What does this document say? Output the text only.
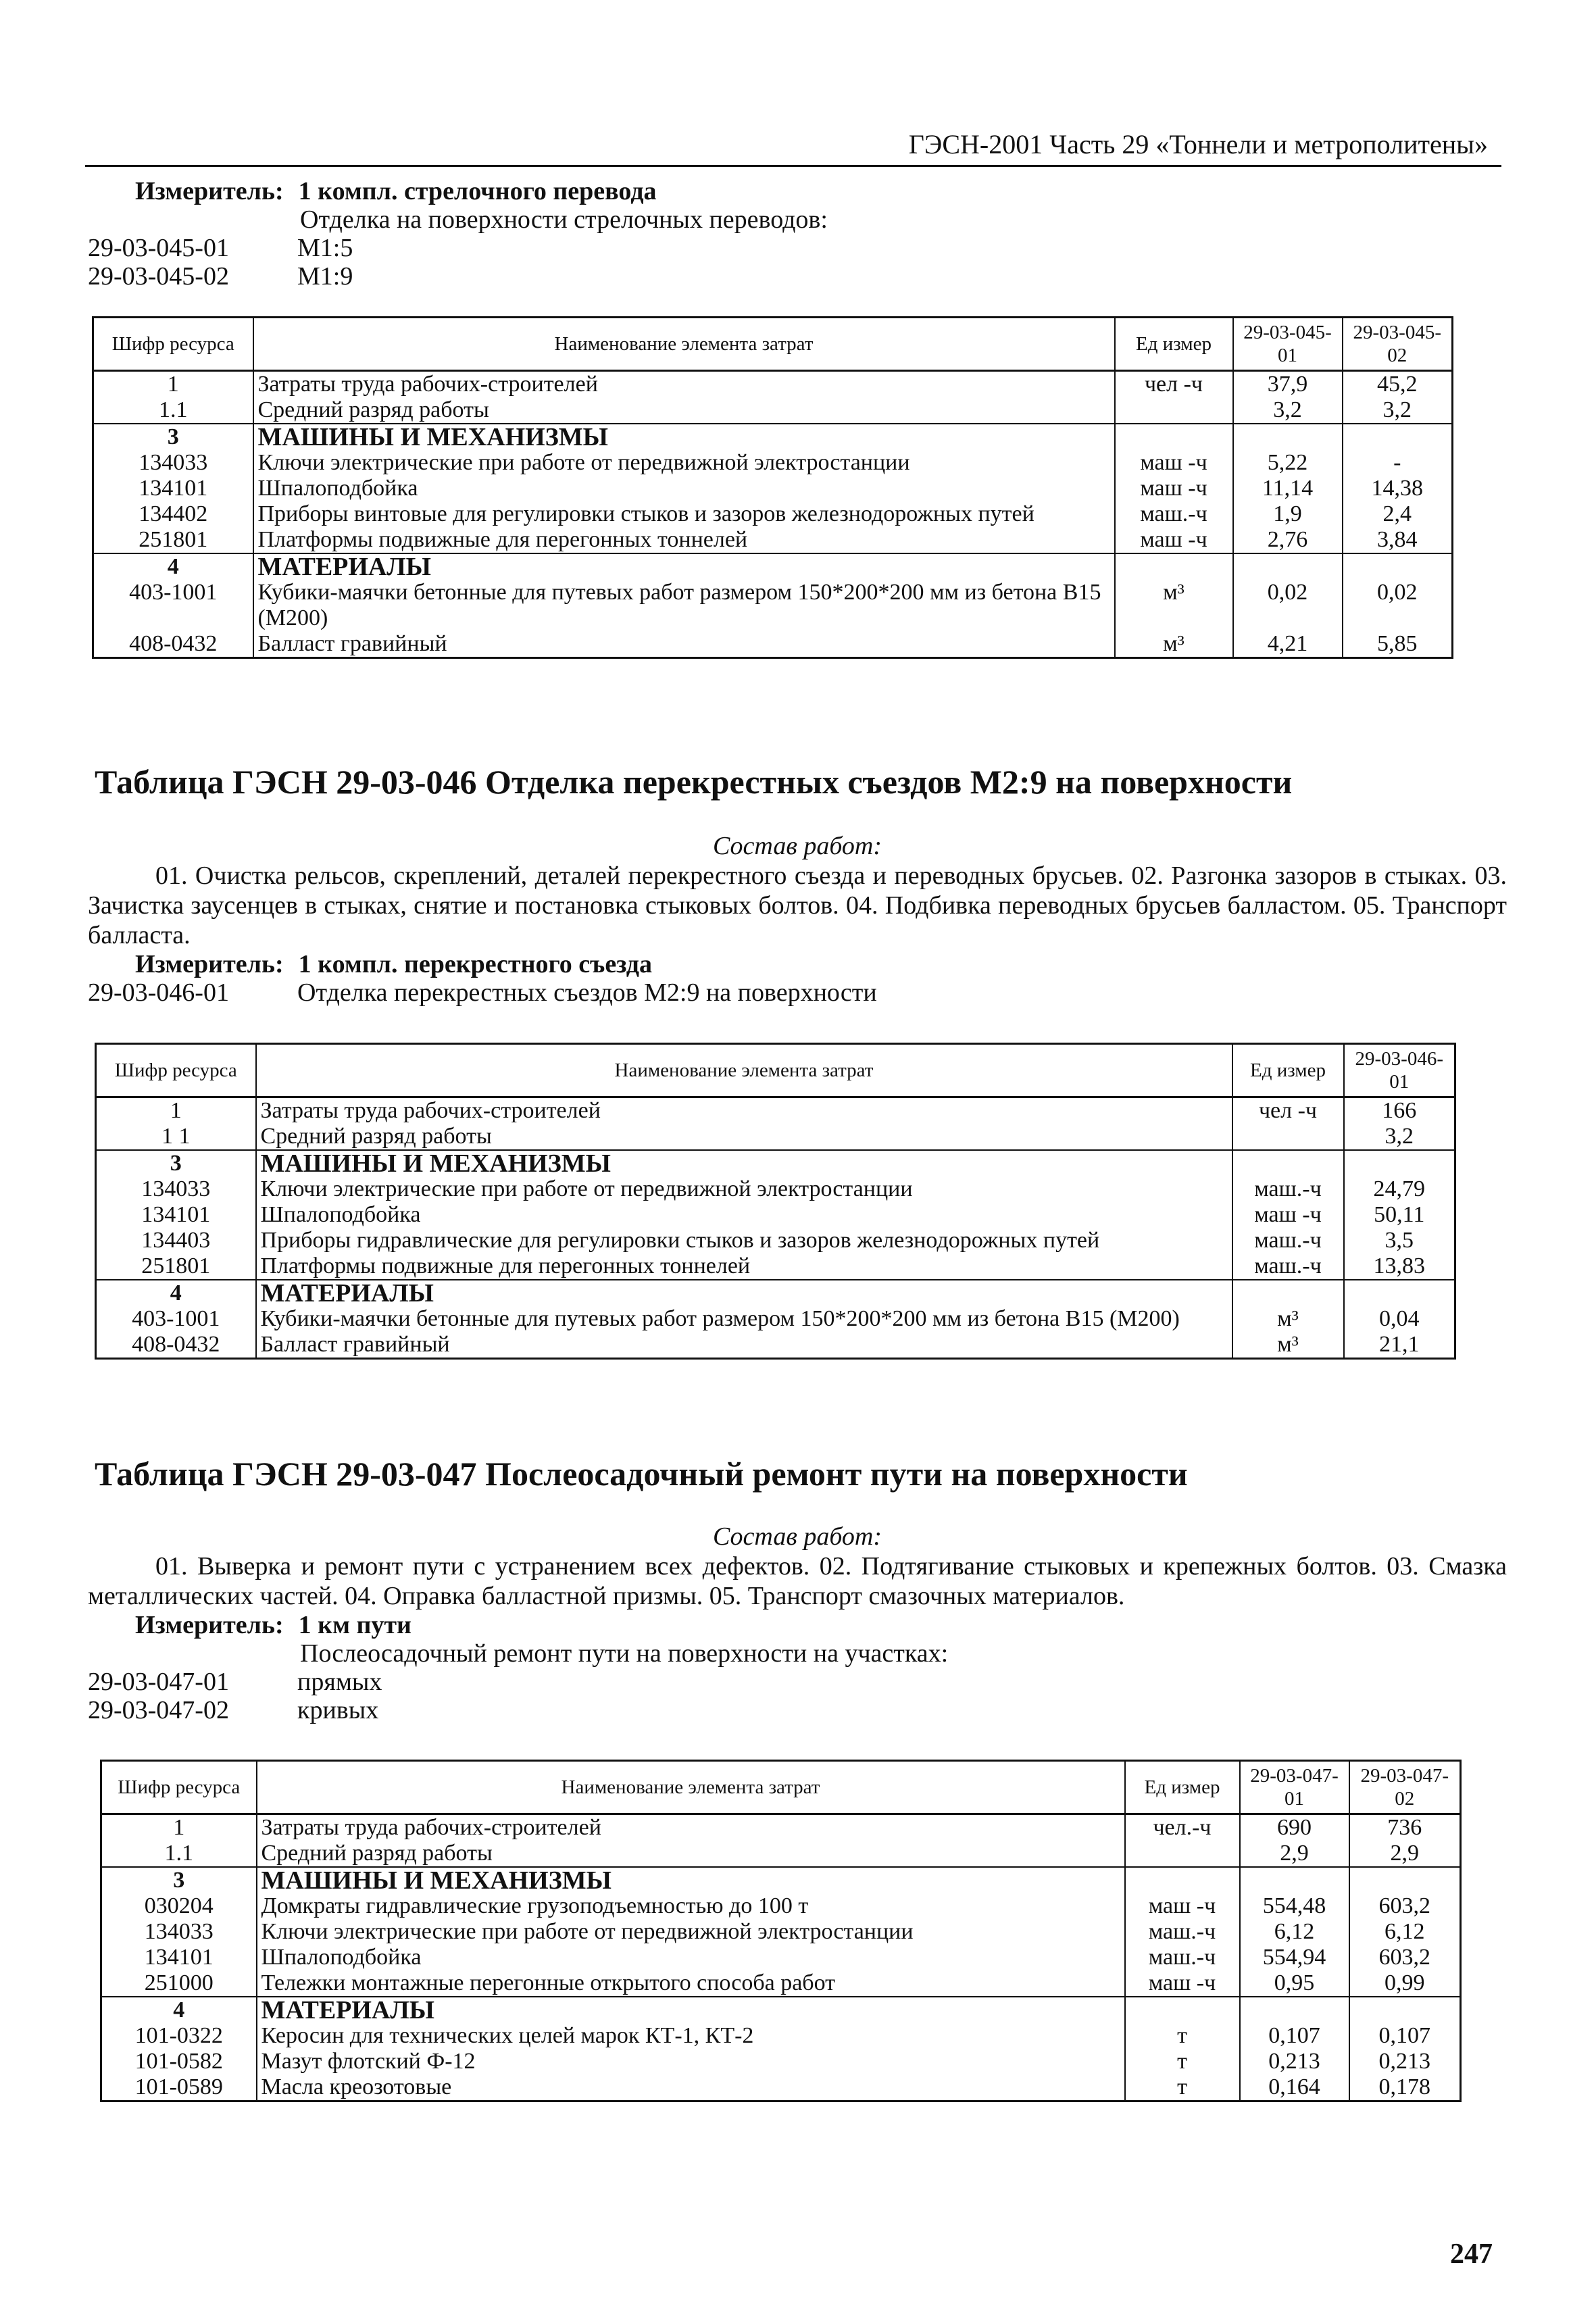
ГЭСН-2001 Часть 29 «Тоннели и метрополитены»
Измеритель: 1 компл. стрелочного перевода
Отделка на поверхности стрелочных переводов:
29-03-045-01	М1:5
29-03-045-02	М1:9
Шифр ресурса	Наименование элемента затрат	Ед измер	29-03-045-01	29-03-045-02
1	Затраты труда рабочих-строителей	чел -ч	37,9	45,2
1.1	Средний разряд работы		3,2	3,2
3	МАШИНЫ И МЕХАНИЗМЫ			
134033	Ключи электрические при работе от передвижной электростанции	маш -ч	5,22	-
134101	Шпалоподбойка	маш -ч	11,14	14,38
134402	Приборы винтовые для регулировки стыков и зазоров железнодорожных путей	маш.-ч	1,9	2,4
251801	Платформы подвижные для перегонных тоннелей	маш -ч	2,76	3,84
4	МАТЕРИАЛЫ			
403-1001	Кубики-маячки бетонные для путевых работ размером 150*200*200 мм из бетона В15 (М200)	м³	0,02	0,02
408-0432	Балласт гравийный	м³	4,21	5,85
Таблица ГЭСН 29-03-046 Отделка перекрестных съездов М2:9 на поверхности
Состав работ:
01. Очистка рельсов, скреплений, деталей перекрестного съезда и переводных брусьев. 02. Разгонка зазоров в стыках. 03. Зачистка заусенцев в стыках, снятие и постановка стыковых болтов. 04. Подбивка переводных брусьев балластом. 05. Транспорт балласта.
Измеритель: 1 компл. перекрестного съезда
29-03-046-01	Отделка перекрестных съездов М2:9 на поверхности
Шифр ресурса	Наименование элемента затрат	Ед измер	29-03-046-01
1	Затраты труда рабочих-строителей	чел -ч	166
1 1	Средний разряд работы		3,2
3	МАШИНЫ И МЕХАНИЗМЫ		
134033	Ключи электрические при работе от передвижной электростанции	маш.-ч	24,79
134101	Шпалоподбойка	маш -ч	50,11
134403	Приборы гидравлические для регулировки стыков и зазоров железнодорожных путей	маш.-ч	3,5
251801	Платформы подвижные для перегонных тоннелей	маш.-ч	13,83
4	МАТЕРИАЛЫ		
403-1001	Кубики-маячки бетонные для путевых работ размером 150*200*200 мм из бетона В15 (М200)	м³	0,04
408-0432	Балласт гравийный	м³	21,1
Таблица ГЭСН 29-03-047 Послеосадочный ремонт пути на поверхности
Состав работ:
01. Выверка и ремонт пути с устранением всех дефектов. 02. Подтягивание стыковых и крепежных болтов. 03. Смазка металлических частей. 04. Оправка балластной призмы. 05. Транспорт смазочных материалов.
Измеритель: 1 км пути
Послеосадочный ремонт пути на поверхности на участках:
29-03-047-01	прямых
29-03-047-02	кривых
Шифр ресурса	Наименование элемента затрат	Ед измер	29-03-047-01	29-03-047-02
1	Затраты труда рабочих-строителей	чел.-ч	690	736
1.1	Средний разряд работы		2,9	2,9
3	МАШИНЫ И МЕХАНИЗМЫ			
030204	Домкраты гидравлические грузоподъемностью до 100 т	маш -ч	554,48	603,2
134033	Ключи электрические при работе от передвижной электростанции	маш.-ч	6,12	6,12
134101	Шпалоподбойка	маш.-ч	554,94	603,2
251000	Тележки монтажные перегонные открытого способа работ	маш -ч	0,95	0,99
4	МАТЕРИАЛЫ			
101-0322	Керосин для технических целей марок КТ-1, КТ-2	т	0,107	0,107
101-0582	Мазут флотский Ф-12	т	0,213	0,213
101-0589	Масла креозотовые	т	0,164	0,178
247
